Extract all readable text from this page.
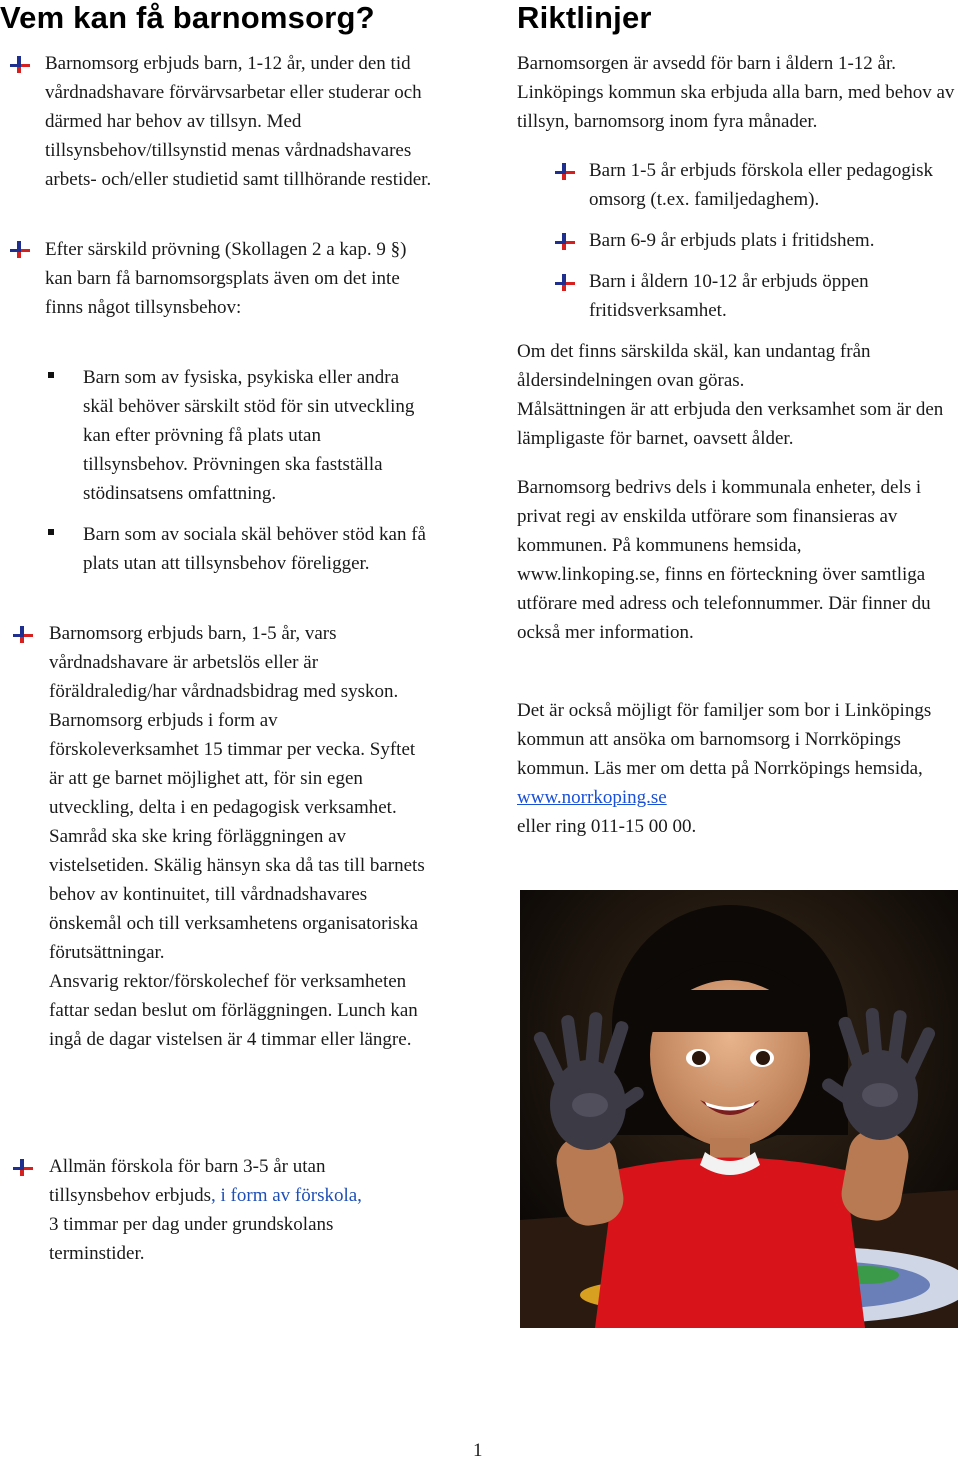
Vem kan få barnomsorg?

Barnomsorg erbjuds barn, 1-12 år, under den tid vårdnadshavare förvärvsarbetar eller studerar och därmed har behov av tillsyn. Med tillsynsbehov/tillsynstid menas vårdnadshavares arbets- och/eller studietid samt tillhörande restider.

Efter särskild prövning (Skollagen 2 a kap. 9 §) kan barn få barnomsorgsplats även om det inte finns något tillsynsbehov:

Barn som av fysiska, psykiska eller andra skäl behöver särskilt stöd för sin utveckling kan efter prövning få plats utan tillsynsbehov. Prövningen ska fastställa stödinsatsens omfattning.

Barn som av sociala skäl behöver stöd kan få plats utan att tillsynsbehov föreligger.

Barnomsorg erbjuds barn, 1-5 år, vars vårdnadshavare är arbetslös eller är föräldraledig/har vårdnadsbidrag med syskon. Barnomsorg erbjuds i form av förskoleverksamhet 15 timmar per vecka. Syftet är att ge barnet möjlighet att, för sin egen utveckling, delta i en pedagogisk verksamhet.

Samråd ska ske kring förläggningen av vistelsetiden. Skälig hänsyn ska då tas till barnets behov av kontinuitet, till vårdnadshavares önskemål och till verksamhetens organisatoriska förutsättningar.

Ansvarig rektor/förskolechef för verksamheten fattar sedan beslut om förläggningen. Lunch kan ingå de dagar vistelsen är 4 timmar eller längre.

Allmän förskola för barn 3-5 år utan tillsynsbehov erbjuds, i form av förskola,
3 timmar per dag under grundskolans terminstider.

Riktlinjer

Barnomsorgen är avsedd för barn i åldern 1-12 år. Linköpings kommun ska erbjuda alla barn, med behov av tillsyn, barnomsorg inom fyra månader.

Barn 1-5 år erbjuds förskola eller pedagogisk omsorg (t.ex. familjedaghem).

Barn 6-9 år erbjuds plats i fritidshem.

Barn i åldern 10-12 år erbjuds öppen fritidsverksamhet.

Om det finns särskilda skäl, kan undantag från åldersindelningen ovan göras.

Målsättningen är att erbjuda den verksamhet som är den lämpligaste för barnet, oavsett ålder.

Barnomsorg bedrivs dels i kommunala enheter, dels i privat regi av enskilda utförare som finansieras av kommunen. På kommunens hemsida, www.linkoping.se, finns en förteckning över samtliga utförare med adress och telefonnummer. Där finner du också mer information.

Det är också möjligt för familjer som bor i Linköpings kommun att ansöka om barnomsorg i Norrköpings kommun. Läs mer om detta på Norrköpings hemsida, www.norrkoping.se
eller ring 011-15 00 00.

1
